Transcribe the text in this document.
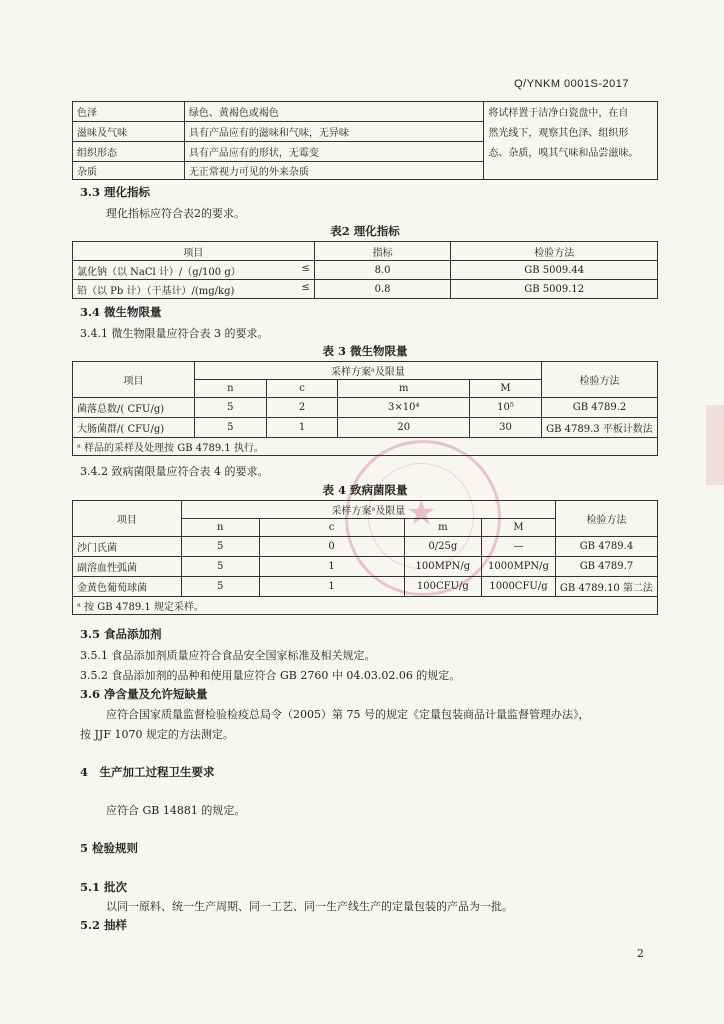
Q/YNKM 0001S-2017
★
色泽	绿色、黄褐色或褐色	将试样置于洁净白瓷盘中，在自
然光线下，观察其色泽、组织形
态、杂质，嗅其气味和品尝滋味。

滋味及气味	具有产品应有的滋味和气味，无异味	
组织形态	具有产品应有的形状，无霉变	
杂质	无正常视力可见的外来杂质	
3.3 理化指标
理化指标应符合表2的要求。
表2 理化指标
项目	指标	检验方法
氯化钠（以 NaCl 计）/（g/100 g） ≤	8.0	GB 5009.44
铅（以 Pb 计）（干基计）/(mg/kg) ≤	0.8	GB 5009.12
3.4 微生物限量
3.4.1 微生物限量应符合表 3 的要求。
表 3 微生物限量
项目	采样方案ᵃ及限量				检验方法
	n	c	m	M	
菌落总数/( CFU/g)	5	2	3×10⁴	10⁵	GB 4789.2
大肠菌群/( CFU/g)	5	1	20	30	GB 4789.3 平板计数法
ᵃ 样品的采样及处理按 GB 4789.1 执行。					
3.4.2 致病菌限量应符合表 4 的要求。
表 4 致病菌限量
项目	采样方案ᵃ及限量				检验方法
	n	c	m	M	
沙门氏菌	5	0	0/25g	—	GB 4789.4
副溶血性弧菌	5	1	100MPN/g	1000MPN/g	GB 4789.7
金黄色葡萄球菌	5	1	100CFU/g	1000CFU/g	GB 4789.10 第二法
ᵃ 按 GB 4789.1 规定采样。					
3.5 食品添加剂
3.5.1 食品添加剂质量应符合食品安全国家标准及相关规定。
3.5.2 食品添加剂的品种和使用量应符合 GB 2760 中 04.03.02.06 的规定。
3.6 净含量及允许短缺量
应符合国家质量监督检验检疫总局令（2005）第 75 号的规定《定量包装商品计量监督管理办法》，
按 JJF 1070 规定的方法测定。
4　生产加工过程卫生要求
应符合 GB 14881 的规定。
5 检验规则
5.1 批次
以同一原料、统一生产周期、同一工艺、同一生产线生产的定量包装的产品为一批。
5.2 抽样
2
